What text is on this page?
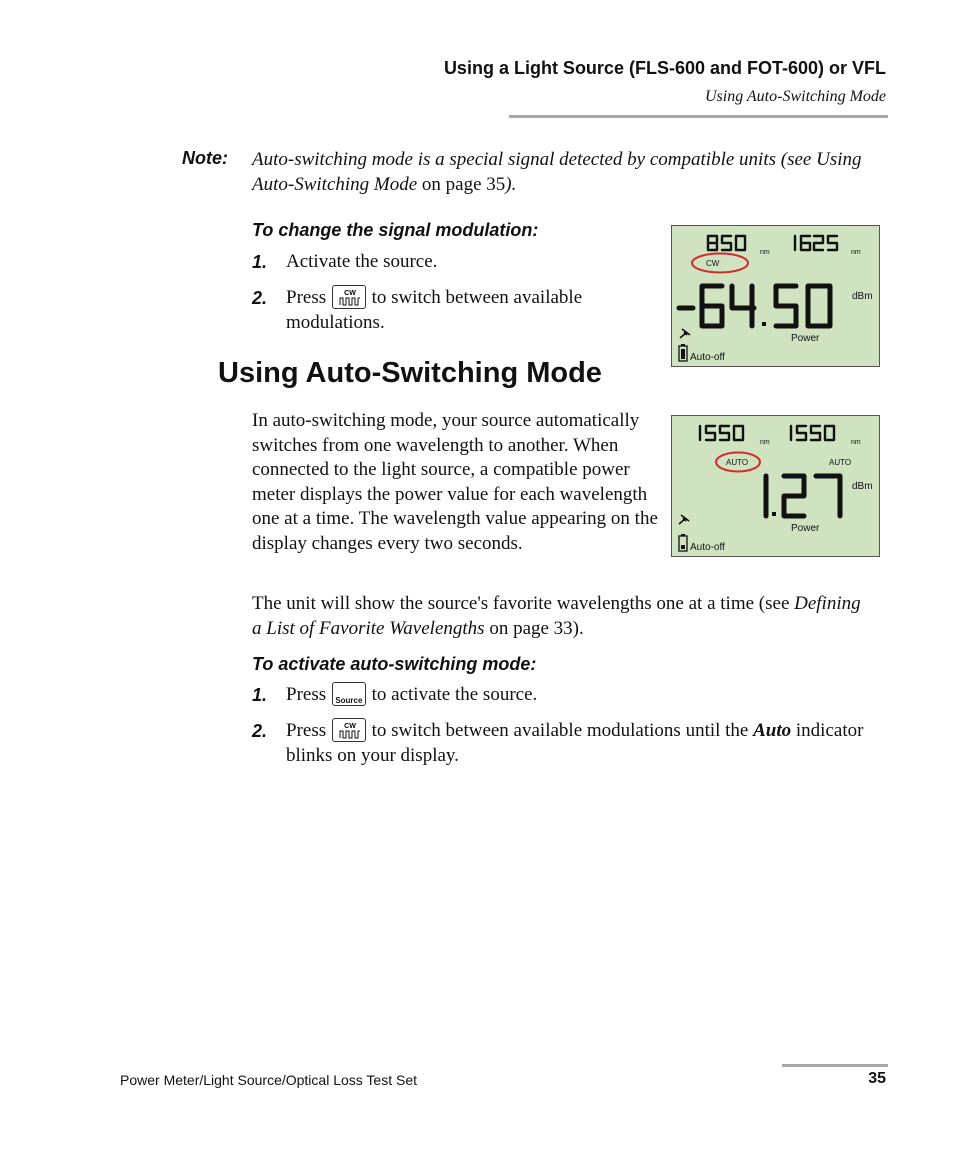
Using a Light Source (FLS-600 and FOT-600) or VFL
Using Auto-Switching Mode
Note: Auto-switching mode is a special signal detected by compatible units (see Using Auto-Switching Mode on page 35).
To change the signal modulation:
1. Activate the source.
2. Press CW to switch between available modulations.
nm	nm
CW
dBm
Power
Auto-off
Using Auto-Switching Mode
In auto-switching mode, your source automatically switches from one wavelength to another. When connected to the light source, a compatible power meter displays the power value for each wavelength one at a time. The wavelength value appearing on the display changes every two seconds.
nm	nm
AUTO	AUTO
dBm
Power
Auto-off
The unit will show the source's favorite wavelengths one at a time (see Defining a List of Favorite Wavelengths on page 33).
To activate auto-switching mode:
1. Press Source to activate the source.
2. Press CW to switch between available modulations until the Auto indicator blinks on your display.
Power Meter/Light Source/Optical Loss Test Set	35
